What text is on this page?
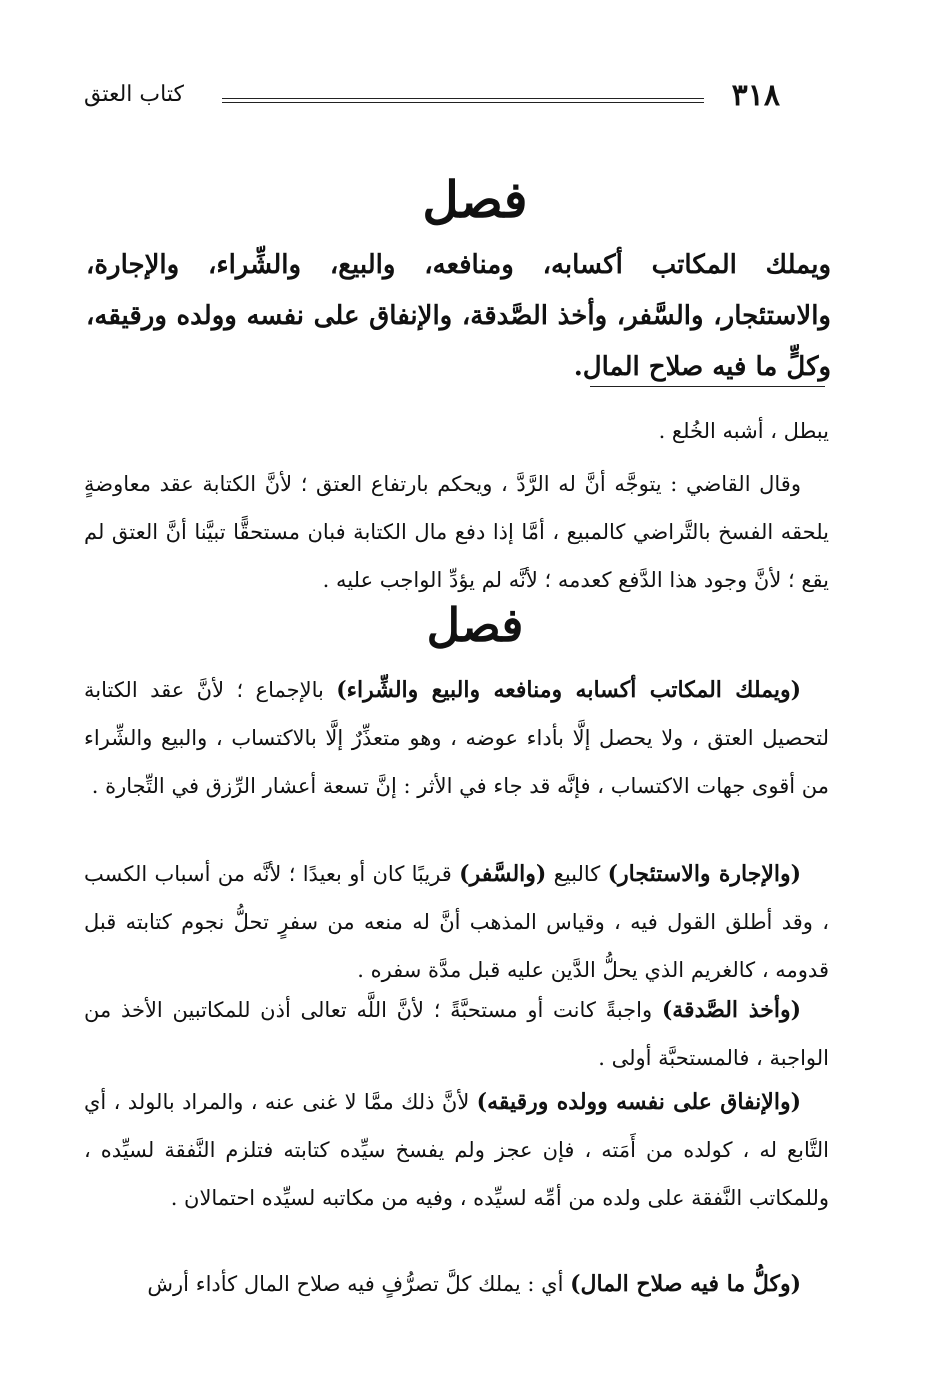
٣١٨
كتاب العتق
فصل
ويملك المكاتب أكسابه، ومنافعه، والبيع، والشِّراء، والإجارة، والاستئجار، والسَّفر، وأخذ الصَّدقة، والإنفاق على نفسه وولده ورقيقه، وكلٍّ ما فيه صلاح المال.
يبطل ، أشبه الخُلع .
وقال القاضي : يتوجَّه أنَّ له الرَّدَّ ، ويحكم بارتفاع العتق ؛ لأنَّ الكتابة عقد معاوضةٍ يلحقه الفسخ بالتَّراضي كالمبيع ، أمَّا إذا دفع مال الكتابة فبان مستحقًّا تبيَّنا أنَّ العتق لم يقع ؛ لأنَّ وجود هذا الدَّفع كعدمه ؛ لأنَّه لم يؤدِّ الواجب عليه .
فصل
(ويملك المكاتب أكسابه ومنافعه والبيع والشِّراء) بالإجماع ؛ لأنَّ عقد الكتابة لتحصيل العتق ، ولا يحصل إلَّا بأداء عوضه ، وهو متعذِّرٌ إلَّا بالاكتساب ، والبيع والشِّراء من أقوى جهات الاكتساب ، فإنَّه قد جاء في الأثر : إنَّ تسعة أعشار الرِّزق في التِّجارة .
(والإجارة والاستئجار) كالبيع (والسَّفر) قريبًا كان أو بعيدًا ؛ لأنَّه من أسباب الكسب ، وقد أطلق القول فيه ، وقياس المذهب أنَّ له منعه من سفرٍ تحلُّ نجوم كتابته قبل قدومه ، كالغريم الذي يحلُّ الدَّين عليه قبل مدَّة سفره .
(وأخذ الصَّدقة) واجبةً كانت أو مستحبَّةً ؛ لأنَّ اللَّه تعالى أذن للمكاتبين الأخذ من الواجبة ، فالمستحبَّة أولى .
(والإنفاق على نفسه وولده ورقيقه) لأنَّ ذلك ممَّا لا غنى عنه ، والمراد بالولد ، أي التَّابع له ، كولده من أَمَته ، فإن عجز ولم يفسخ سيِّده كتابته فتلزم النَّفقة لسيِّده ، وللمكاتب النَّفقة على ولده من أمِّه لسيِّده ، وفيه من مكاتبه لسيِّده احتمالان .
(وكلُّ ما فيه صلاح المال) أي : يملك كلَّ تصرُّفٍ فيه صلاح المال كأداء أرش
